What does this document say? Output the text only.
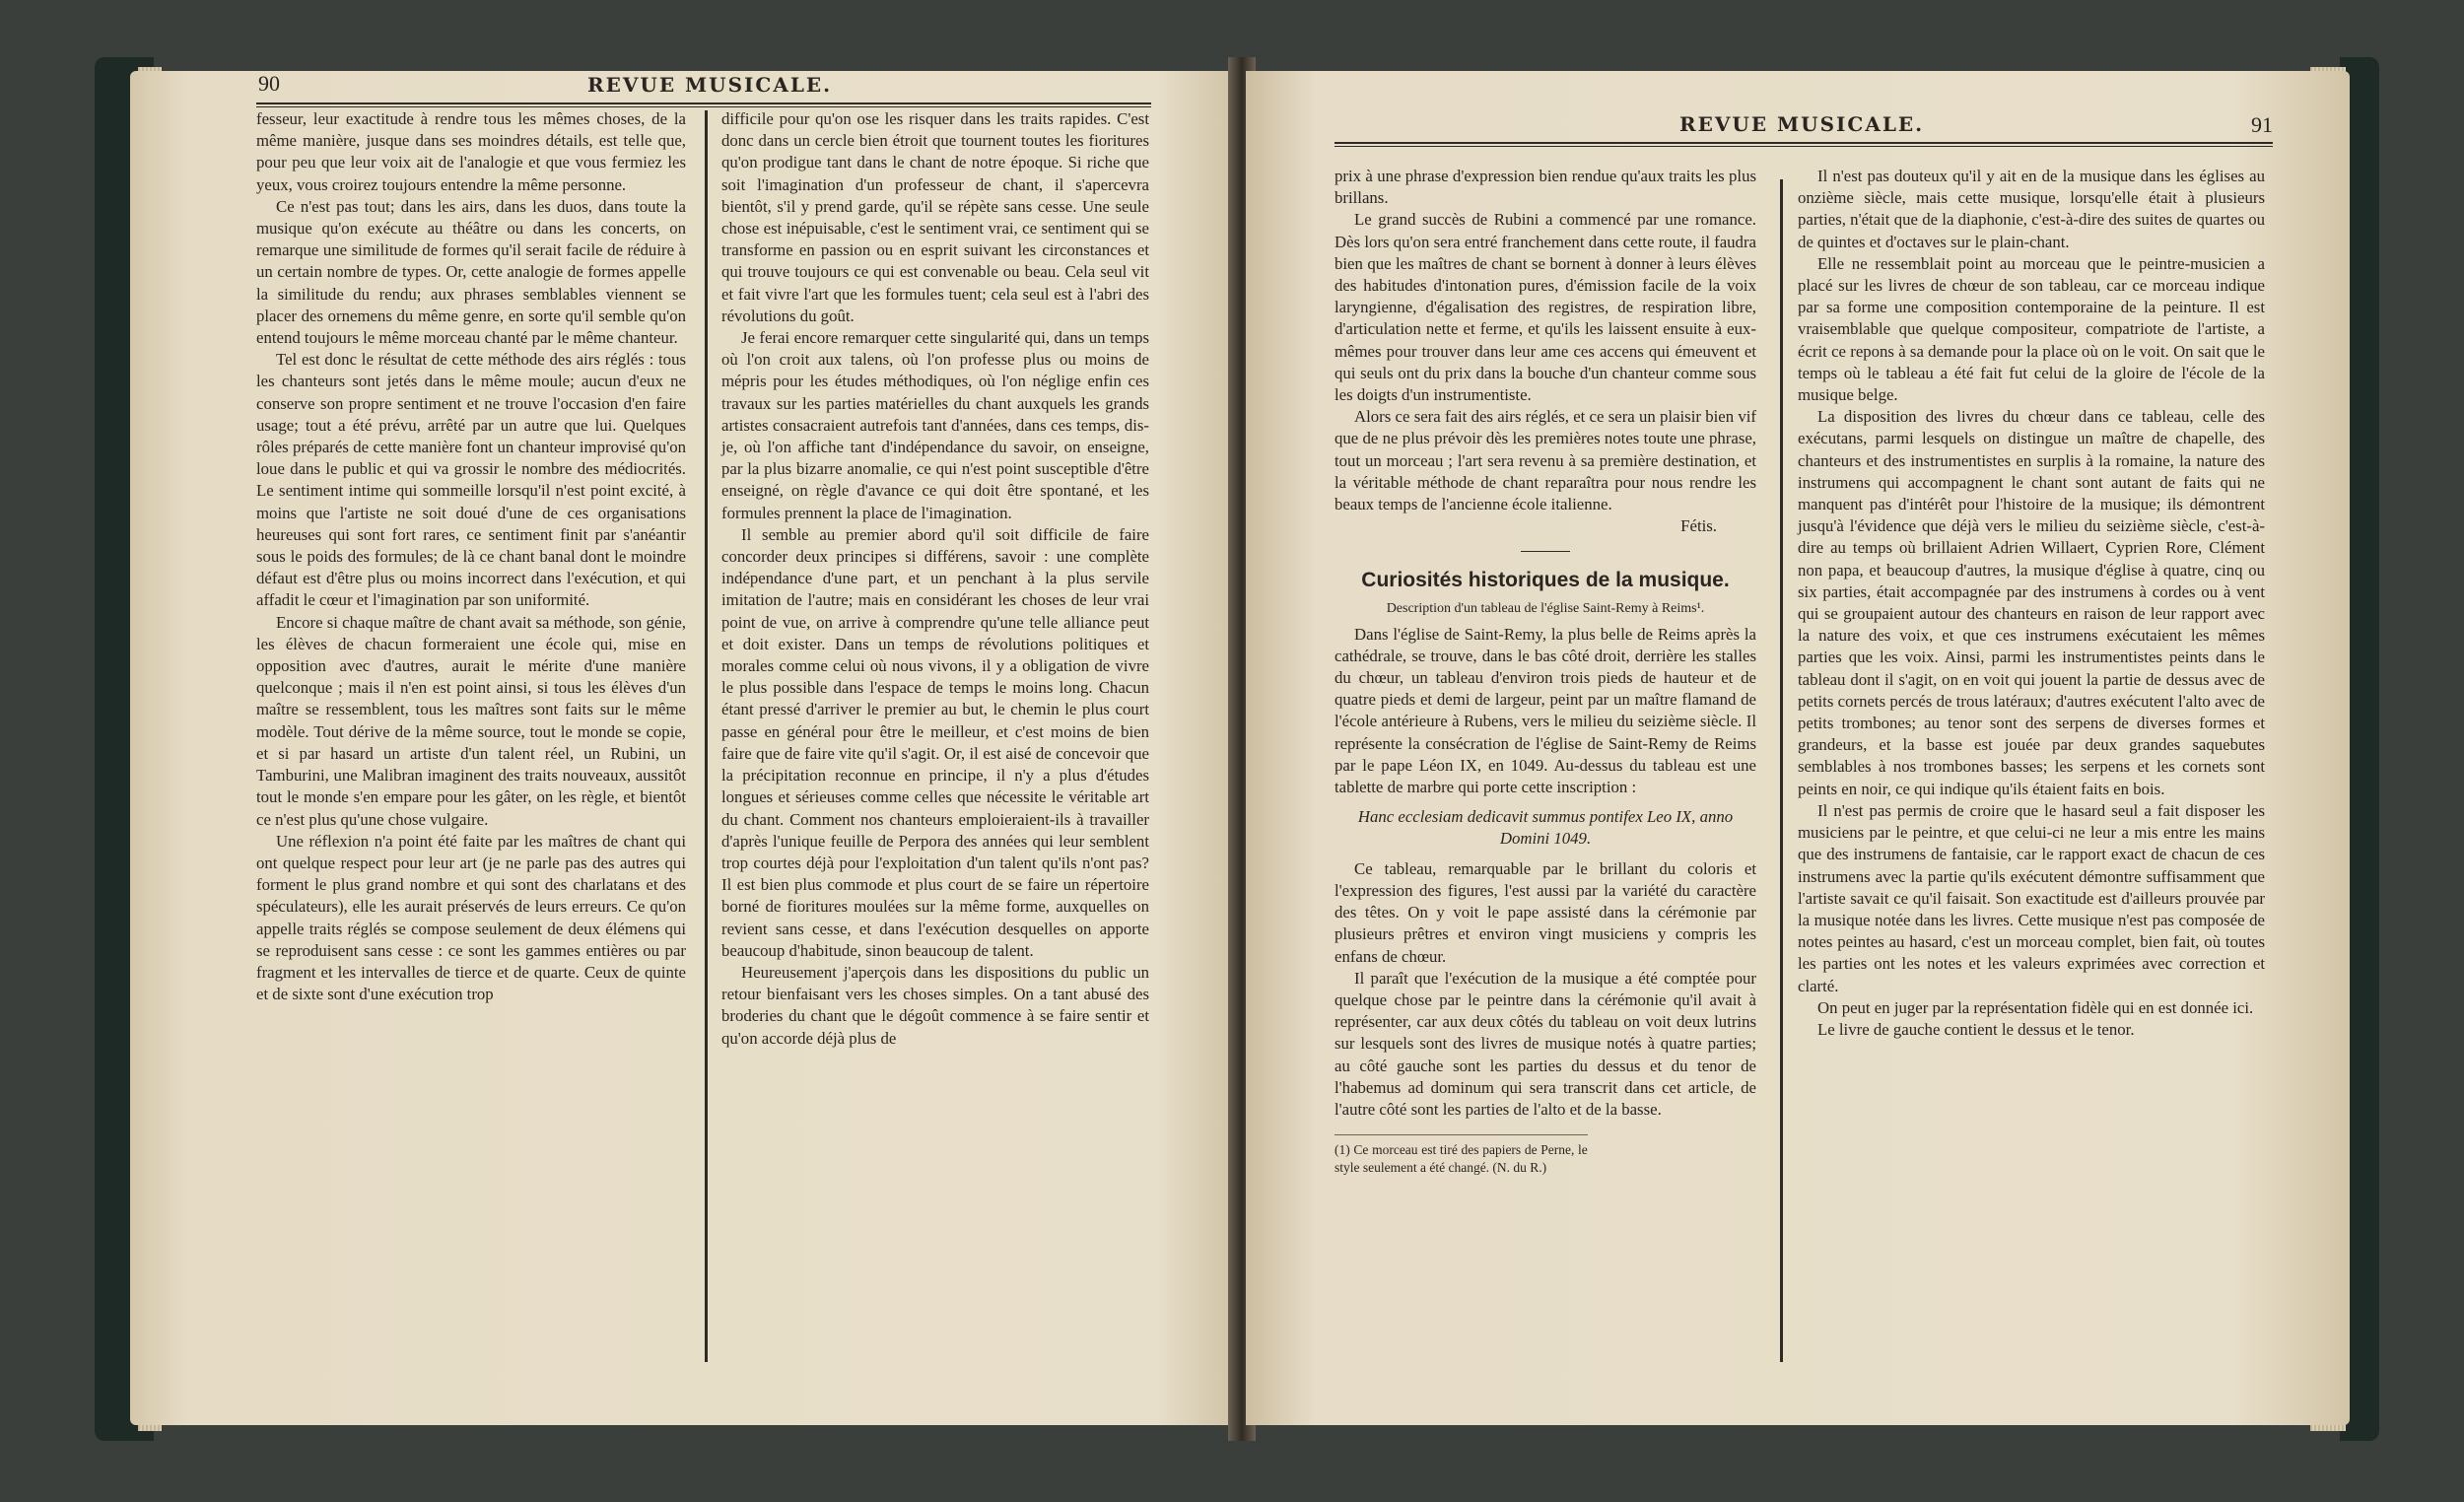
90	REVUE MUSICALE.

fesseur, leur exactitude à rendre tous les mêmes choses, de la même manière, jusque dans ses moindres détails, est telle que, pour peu que leur voix ait de l'analogie et que vous fermiez les yeux, vous croirez toujours entendre la même personne.

Ce n'est pas tout; dans les airs, dans les duos, dans toute la musique qu'on exécute au théâtre ou dans les concerts, on remarque une similitude de formes qu'il serait facile de réduire à un certain nombre de types. Or, cette analogie de formes appelle la similitude du rendu; aux phrases semblables viennent se placer des ornemens du même genre, en sorte qu'il semble qu'on entend toujours le même morceau chanté par le même chanteur.

Tel est donc le résultat de cette méthode des airs réglés : tous les chanteurs sont jetés dans le même moule; aucun d'eux ne conserve son propre sentiment et ne trouve l'occasion d'en faire usage; tout a été prévu, arrêté par un autre que lui. Quelques rôles préparés de cette manière font un chanteur improvisé qu'on loue dans le public et qui va grossir le nombre des médiocrités. Le sentiment intime qui sommeille lorsqu'il n'est point excité, à moins que l'artiste ne soit doué d'une de ces organisations heureuses qui sont fort rares, ce sentiment finit par s'anéantir sous le poids des formules; de là ce chant banal dont le moindre défaut est d'être plus ou moins incorrect dans l'exécution, et qui affadit le cœur et l'imagination par son uniformité.

Encore si chaque maître de chant avait sa méthode, son génie, les élèves de chacun formeraient une école qui, mise en opposition avec d'autres, aurait le mérite d'une manière quelconque ; mais il n'en est point ainsi, si tous les élèves d'un maître se ressemblent, tous les maîtres sont faits sur le même modèle. Tout dérive de la même source, tout le monde se copie, et si par hasard un artiste d'un talent réel, un Rubini, un Tamburini, une Malibran imaginent des traits nouveaux, aussitôt tout le monde s'en empare pour les gâter, on les règle, et bientôt ce n'est plus qu'une chose vulgaire.

Une réflexion n'a point été faite par les maîtres de chant qui ont quelque respect pour leur art (je ne parle pas des autres qui forment le plus grand nombre et qui sont des charlatans et des spéculateurs), elle les aurait préservés de leurs erreurs. Ce qu'on appelle traits réglés se compose seulement de deux élémens qui se reproduisent sans cesse : ce sont les gammes entières ou par fragment et les intervalles de tierce et de quarte. Ceux de quinte et de sixte sont d'une exécution trop

difficile pour qu'on ose les risquer dans les traits rapides. C'est donc dans un cercle bien étroit que tournent toutes les fioritures qu'on prodigue tant dans le chant de notre époque. Si riche que soit l'imagination d'un professeur de chant, il s'apercevra bientôt, s'il y prend garde, qu'il se répète sans cesse. Une seule chose est inépuisable, c'est le sentiment vrai, ce sentiment qui se transforme en passion ou en esprit suivant les circonstances et qui trouve toujours ce qui est convenable ou beau. Cela seul vit et fait vivre l'art que les formules tuent; cela seul est à l'abri des révolutions du goût.

Je ferai encore remarquer cette singularité qui, dans un temps où l'on croit aux talens, où l'on professe plus ou moins de mépris pour les études méthodiques, où l'on néglige enfin ces travaux sur les parties matérielles du chant auxquels les grands artistes consacraient autrefois tant d'années, dans ces temps, dis-je, où l'on affiche tant d'indépendance du savoir, on enseigne, par la plus bizarre anomalie, ce qui n'est point susceptible d'être enseigné, on règle d'avance ce qui doit être spontané, et les formules prennent la place de l'imagination.

Il semble au premier abord qu'il soit difficile de faire concorder deux principes si différens, savoir : une complète indépendance d'une part, et un penchant à la plus servile imitation de l'autre; mais en considérant les choses de leur vrai point de vue, on arrive à comprendre qu'une telle alliance peut et doit exister. Dans un temps de révolutions politiques et morales comme celui où nous vivons, il y a obligation de vivre le plus possible dans l'espace de temps le moins long. Chacun étant pressé d'arriver le premier au but, le chemin le plus court passe en général pour être le meilleur, et c'est moins de bien faire que de faire vite qu'il s'agit. Or, il est aisé de concevoir que la précipitation reconnue en principe, il n'y a plus d'études longues et sérieuses comme celles que nécessite le véritable art du chant. Comment nos chanteurs emploieraient-ils à travailler d'après l'unique feuille de Perpora des années qui leur semblent trop courtes déjà pour l'exploitation d'un talent qu'ils n'ont pas? Il est bien plus commode et plus court de se faire un répertoire borné de fioritures moulées sur la même forme, auxquelles on revient sans cesse, et dans l'exécution desquelles on apporte beaucoup d'habitude, sinon beaucoup de talent.

Heureusement j'aperçois dans les dispositions du public un retour bienfaisant vers les choses simples. On a tant abusé des broderies du chant que le dégoût commence à se faire sentir et qu'on accorde déjà plus de

REVUE MUSICALE.	91

prix à une phrase d'expression bien rendue qu'aux traits les plus brillans.

Le grand succès de Rubini a commencé par une romance. Dès lors qu'on sera entré franchement dans cette route, il faudra bien que les maîtres de chant se bornent à donner à leurs élèves des habitudes d'intonation pures, d'émission facile de la voix laryngienne, d'égalisation des registres, de respiration libre, d'articulation nette et ferme, et qu'ils les laissent ensuite à eux-mêmes pour trouver dans leur ame ces accens qui émeuvent et qui seuls ont du prix dans la bouche d'un chanteur comme sous les doigts d'un instrumentiste.

Alors ce sera fait des airs réglés, et ce sera un plaisir bien vif que de ne plus prévoir dès les premières notes toute une phrase, tout un morceau ; l'art sera revenu à sa première destination, et la véritable méthode de chant reparaîtra pour nous rendre les beaux temps de l'ancienne école italienne.

Fétis.
Curiosités historiques de la musique.
Description d'un tableau de l'église Saint-Remy à Reims¹.

Dans l'église de Saint-Remy, la plus belle de Reims après la cathédrale, se trouve, dans le bas côté droit, derrière les stalles du chœur, un tableau d'environ trois pieds de hauteur et de quatre pieds et demi de largeur, peint par un maître flamand de l'école antérieure à Rubens, vers le milieu du seizième siècle. Il représente la consécration de l'église de Saint-Remy de Reims par le pape Léon IX, en 1049. Au-dessus du tableau est une tablette de marbre qui porte cette inscription :

Hanc ecclesiam dedicavit summus pontifex Leo IX, anno Domini 1049.

Ce tableau, remarquable par le brillant du coloris et l'expression des figures, l'est aussi par la variété du caractère des têtes. On y voit le pape assisté dans la cérémonie par plusieurs prêtres et environ vingt musiciens y compris les enfans de chœur.

Il paraît que l'exécution de la musique a été comptée pour quelque chose par le peintre dans la cérémonie qu'il avait à représenter, car aux deux côtés du tableau on voit deux lutrins sur lesquels sont des livres de musique notés à quatre parties; au côté gauche sont les parties du dessus et du tenor de l'habemus ad dominum qui sera transcrit dans cet article, de l'autre côté sont les parties de l'alto et de la basse.

(1) Ce morceau est tiré des papiers de Perne, le style seulement a été changé. (N. du R.)

Il n'est pas douteux qu'il y ait en de la musique dans les églises au onzième siècle, mais cette musique, lorsqu'elle était à plusieurs parties, n'était que de la diaphonie, c'est-à-dire des suites de quartes ou de quintes et d'octaves sur le plain-chant.

Elle ne ressemblait point au morceau que le peintre-musicien a placé sur les livres de chœur de son tableau, car ce morceau indique par sa forme une composition contemporaine de la peinture. Il est vraisemblable que quelque compositeur, compatriote de l'artiste, a écrit ce repons à sa demande pour la place où on le voit. On sait que le temps où le tableau a été fait fut celui de la gloire de l'école de la musique belge.

La disposition des livres du chœur dans ce tableau, celle des exécutans, parmi lesquels on distingue un maître de chapelle, des chanteurs et des instrumentistes en surplis à la romaine, la nature des instrumens qui accompagnent le chant sont autant de faits qui ne manquent pas d'intérêt pour l'histoire de la musique; ils démontrent jusqu'à l'évidence que déjà vers le milieu du seizième siècle, c'est-à-dire au temps où brillaient Adrien Willaert, Cyprien Rore, Clément non papa, et beaucoup d'autres, la musique d'église à quatre, cinq ou six parties, était accompagnée par des instrumens à cordes ou à vent qui se groupaient autour des chanteurs en raison de leur rapport avec la nature des voix, et que ces instrumens exécutaient les mêmes parties que les voix. Ainsi, parmi les instrumentistes peints dans le tableau dont il s'agit, on en voit qui jouent la partie de dessus avec de petits cornets percés de trous latéraux; d'autres exécutent l'alto avec de petits trombones; au tenor sont des serpens de diverses formes et grandeurs, et la basse est jouée par deux grandes saquebutes semblables à nos trombones basses; les serpens et les cornets sont peints en noir, ce qui indique qu'ils étaient faits en bois.

Il n'est pas permis de croire que le hasard seul a fait disposer les musiciens par le peintre, et que celui-ci ne leur a mis entre les mains que des instrumens de fantaisie, car le rapport exact de chacun de ces instrumens avec la partie qu'ils exécutent démontre suffisamment que l'artiste savait ce qu'il faisait. Son exactitude est d'ailleurs prouvée par la musique notée dans les livres. Cette musique n'est pas composée de notes peintes au hasard, c'est un morceau complet, bien fait, où toutes les parties ont les notes et les valeurs exprimées avec correction et clarté.

On peut en juger par la représentation fidèle qui en est donnée ici.

Le livre de gauche contient le dessus et le tenor.
